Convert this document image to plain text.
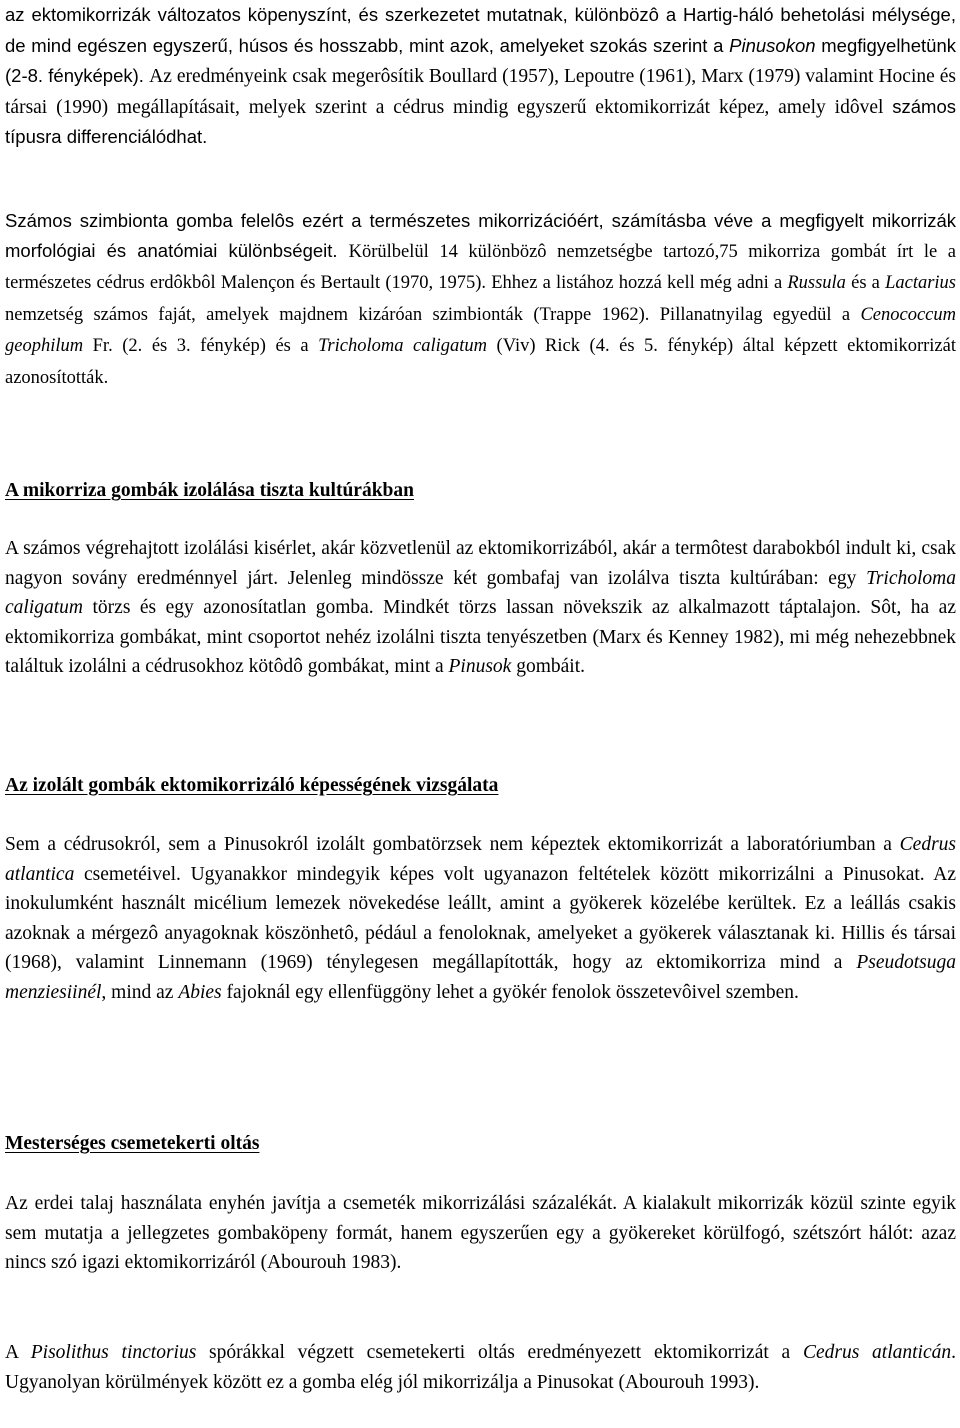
az ektomikorrizák változatos köpenyszínt, és szerkezetet mutatnak, különbözô a Hartig-háló behetolási mélysége, de mind egészen egyszerű, húsos és hosszabb, mint azok, amelyeket szokás szerint a Pinusokon megfigyelhetünk (2-8. fényképek). Az eredményeink csak megerôsítik Boullard (1957), Lepoutre (1961), Marx (1979) valamint Hocine és társai (1990) megállapításait, melyek szerint a cédrus mindig egyszerű ektomikorrizát képez, amely idôvel számos típusra differenciálódhat.

Számos szimbionta gomba felelôs ezért a természetes mikorrizációért, számításba véve a megfigyelt mikorrizák morfológiai és anatómiai különbségeit. Körülbelül 14 különbözô nemzetségbe tartozó,75 mikorriza gombát írt le a természetes cédrus erdôkbôl Malençon és Bertault (1970, 1975). Ehhez a listához hozzá kell még adni a Russula és a Lactarius nemzetség számos faját, amelyek majdnem kizáróan szimbionták (Trappe 1962). Pillanatnyilag egyedül a Cenococcum geophilum Fr. (2. és 3. fénykép) és a Tricholoma caligatum (Viv) Rick (4. és 5. fénykép) által képzett ektomikorrizát azonosították.

A mikorriza gombák izolálása tiszta kultúrákban

A számos végrehajtott izolálási kisérlet, akár közvetlenül az ektomikorrizából, akár a termôtest darabokból indult ki, csak nagyon sovány eredménnyel járt. Jelenleg mindössze két gombafaj van izolálva tiszta kultúrában: egy Tricholoma caligatum törzs és egy azonosítatlan gomba. Mindkét törzs lassan növekszik az alkalmazott táptalajon. Sôt, ha az ektomikorriza gombákat, mint csoportot nehéz izolálni tiszta tenyészetben (Marx és Kenney 1982), mi még nehezebbnek találtuk izolálni a cédrusokhoz kötôdô gombákat, mint a Pinusok gombáit.

Az izolált gombák ektomikorrizáló képességének vizsgálata

Sem a cédrusokról, sem a Pinusokról izolált gombatörzsek nem képeztek ektomikorrizát a laboratóriumban a Cedrus atlantica csemetéivel. Ugyanakkor mindegyik képes volt ugyanazon feltételek között mikorrizálni a Pinusokat. Az inokulumként használt micélium lemezek növekedése leállt, amint a gyökerek közelébe kerültek. Ez a leállás csakis azoknak a mérgezô anyagoknak köszönhetô, pédául a fenoloknak, amelyeket a gyökerek választanak ki. Hillis és társai (1968), valamint Linnemann (1969) ténylegesen megállapították, hogy az ektomikorriza mind a Pseudotsuga menziesiinél, mind az Abies fajoknál egy ellenfüggöny lehet a gyökér fenolok összetevôivel szemben.

Mesterséges csemetekerti oltás

Az erdei talaj használata enyhén javítja a csemeték mikorrizálási százalékát. A kialakult mikorrizák közül szinte egyik sem mutatja a jellegzetes gombaköpeny formát, hanem egyszerűen egy a gyökereket körülfogó, szétszórt hálót: azaz nincs szó igazi ektomikorrizáról (Abourouh 1983).

A Pisolithus tinctorius spórákkal végzett csemetekerti oltás eredményezett ektomikorrizát a Cedrus atlanticán. Ugyanolyan körülmények között ez a gomba elég jól mikorrizálja a Pinusokat (Abourouh 1993).
